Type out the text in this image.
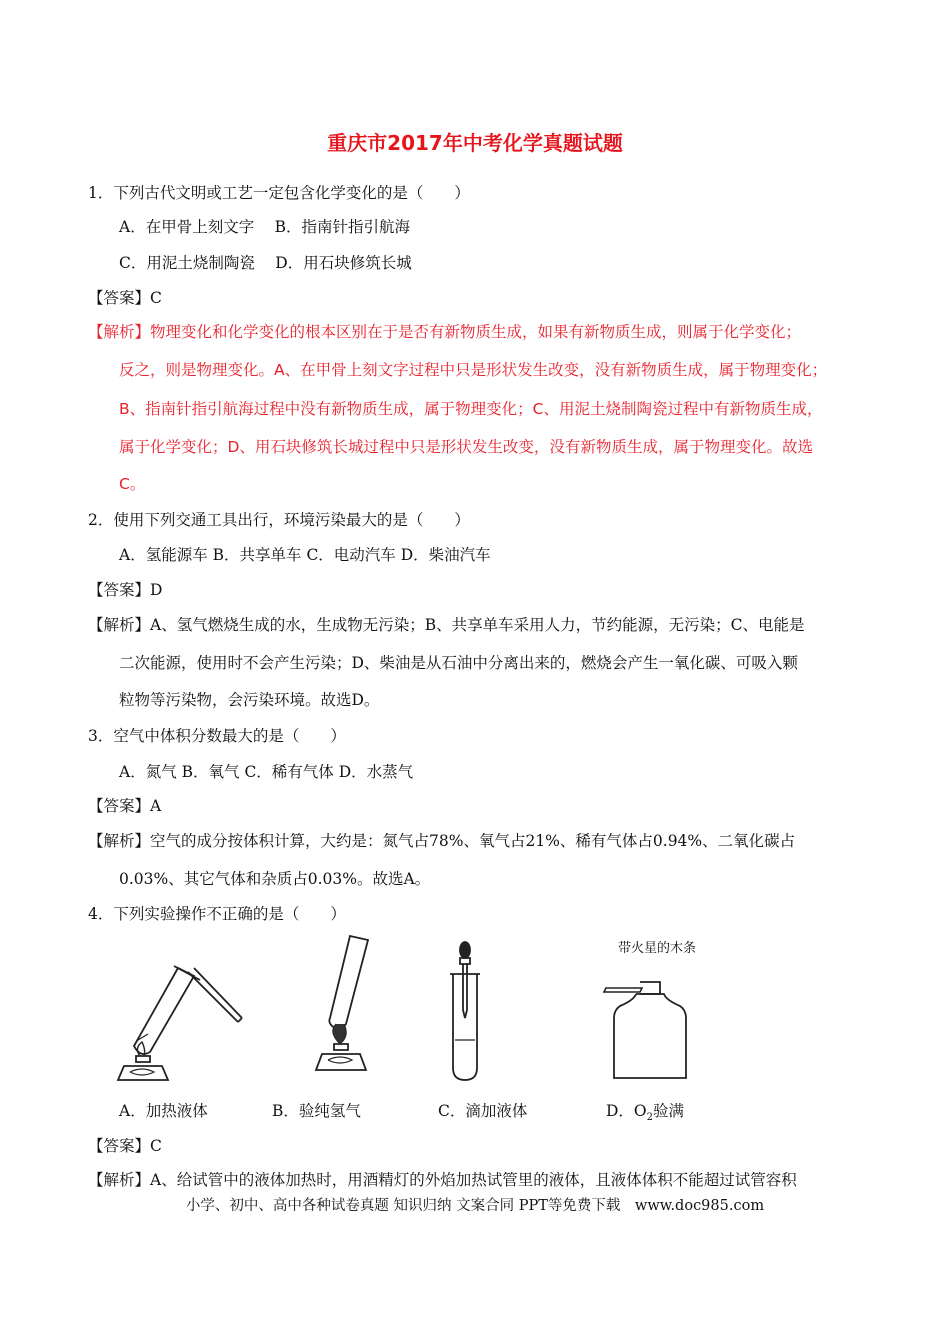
重庆市2017年中考化学真题试题
1．下列古代文明或工艺一定包含化学变化的是（　　）
A．在甲骨上刻文字　 B．指南针指引航海
C．用泥土烧制陶瓷　 D．用石块修筑长城
【答案】C
【解析】物理变化和化学变化的根本区别在于是否有新物质生成，如果有新物质生成，则属于化学变化；
反之，则是物理变化。A、在甲骨上刻文字过程中只是形状发生改变，没有新物质生成，属于物理变化；
B、指南针指引航海过程中没有新物质生成，属于物理变化；C、用泥土烧制陶瓷过程中有新物质生成，
属于化学变化；D、用石块修筑长城过程中只是形状发生改变，没有新物质生成，属于物理变化。故选
C。
2．使用下列交通工具出行，环境污染最大的是（　　）
A．氢能源车 B．共享单车 C．电动汽车 D．柴油汽车
【答案】D
【解析】A、氢气燃烧生成的水，生成物无污染；B、共享单车采用人力，节约能源，无污染；C、电能是
二次能源，使用时不会产生污染；D、柴油是从石油中分离出来的，燃烧会产生一氧化碳、可吸入颗
粒物等污染物，会污染环境。故选D。
3．空气中体积分数最大的是（　　）
A．氮气 B．氧气 C．稀有气体 D．水蒸气
【答案】A
【解析】空气的成分按体积计算，大约是：氮气占78%、氧气占21%、稀有气体占0.94%、二氧化碳占
0.03%、其它气体和杂质占0.03%。故选A。
4．下列实验操作不正确的是（　　）
带火星的木条
A．加热液体	B．验纯氢气	C．滴加液体	D．$O_2$验满
【答案】C
【解析】A、给试管中的液体加热时，用酒精灯的外焰加热试管里的液体，且液体体积不能超过试管容积
小学、初中、高中各种试卷真题 知识归纳 文案合同 PPT等免费下载　www.doc985.com
